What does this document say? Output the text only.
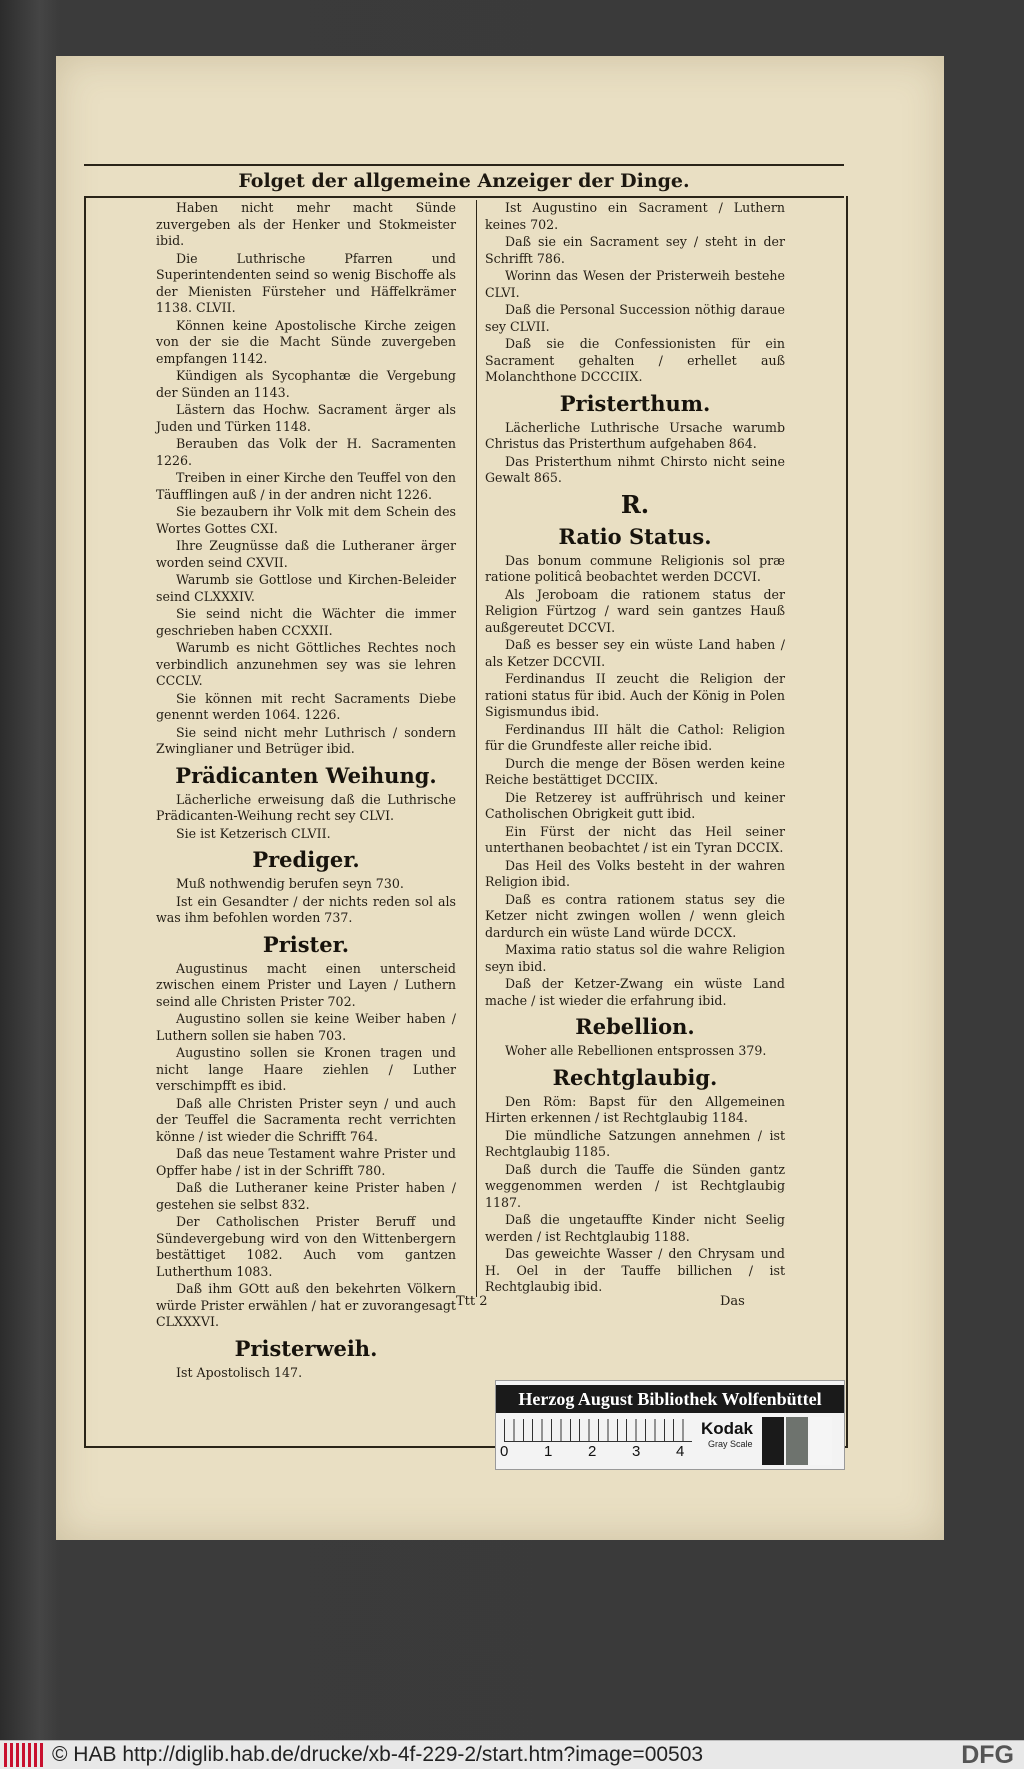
Folget der allgemeine Anzeiger der Dinge.
Haben nicht mehr macht Sünde zuvergeben als der Henker und Stokmeister ibid.
Die Luthrische Pfarren und Superintendenten seind so wenig Bischoffe als der Mienisten Fürsteher und Häffelkrämer 1138. CLVII.
Können keine Apostolische Kirche zeigen von der sie die Macht Sünde zuvergeben empfangen 1142.
Kündigen als Sycophantæ die Vergebung der Sünden an 1143.
Lästern das Hochw. Sacrament ärger als Juden und Türken 1148.
Berauben das Volk der H. Sacramenten 1226.
Treiben in einer Kirche den Teuffel von den Täufflingen auß / in der andren nicht 1226.
Sie bezaubern ihr Volk mit dem Schein des Wortes Gottes CXI.
Ihre Zeugnüsse daß die Lutheraner ärger worden seind CXVII.
Warumb sie Gottlose und Kirchen-Beleider seind CLXXXIV.
Sie seind nicht die Wächter die immer geschrieben haben CCXXII.
Warumb es nicht Göttliches Rechtes noch verbindlich anzunehmen sey was sie lehren CCCLV.
Sie können mit recht Sacraments Diebe genennt werden 1064. 1226.
Sie seind nicht mehr Luthrisch / sondern Zwinglianer und Betrüger ibid.
Prädicanten Weihung.
Lächerliche erweisung daß die Luthrische Prädicanten-Weihung recht sey CLVI.
Sie ist Ketzerisch CLVII.
Prediger.
Muß nothwendig berufen seyn 730.
Ist ein Gesandter / der nichts reden sol als was ihm befohlen worden 737.
Prister.
Augustinus macht einen unterscheid zwischen einem Prister und Layen / Luthern seind alle Christen Prister 702.
Augustino sollen sie keine Weiber haben / Luthern sollen sie haben 703.
Augustino sollen sie Kronen tragen und nicht lange Haare ziehlen / Luther verschimpfft es ibid.
Daß alle Christen Prister seyn / und auch der Teuffel die Sacramenta recht verrichten könne / ist wieder die Schrifft 764.
Daß das neue Testament wahre Prister und Opffer habe / ist in der Schrifft 780.
Daß die Lutheraner keine Prister haben / gestehen sie selbst 832.
Der Catholischen Prister Beruff und Sündevergebung wird von den Wittenbergern bestättiget 1082. Auch vom gantzen Lutherthum 1083.
Daß ihm GOtt auß den bekehrten Völkern würde Prister erwählen / hat er zuvorangesagt CLXXXVI.
Pristerweih.
Ist Apostolisch 147.
Ist Augustino ein Sacrament / Luthern keines 702.
Daß sie ein Sacrament sey / steht in der Schrifft 786.
Worinn das Wesen der Pristerweih bestehe CLVI.
Daß die Personal Succession nöthig daraue sey CLVII.
Daß sie die Confessionisten für ein Sacrament gehalten / erhellet auß Molanchthone DCCCIIX.
Pristerthum.
Lächerliche Luthrische Ursache warumb Christus das Pristerthum aufgehaben 864.
Das Pristerthum nihmt Chirsto nicht seine Gewalt 865.
R.
Ratio Status.
Das bonum commune Religionis sol præ ratione politicâ beobachtet werden DCCVI.
Als Jeroboam die rationem status der Religion Fürtzog / ward sein gantzes Hauß außgereutet DCCVI.
Daß es besser sey ein wüste Land haben / als Ketzer DCCVII.
Ferdinandus II zeucht die Religion der rationi status für ibid. Auch der König in Polen Sigismundus ibid.
Ferdinandus III hält die Cathol: Religion für die Grundfeste aller reiche ibid.
Durch die menge der Bösen werden keine Reiche bestättiget DCCIIX.
Die Retzerey ist auffrührisch und keiner Catholischen Obrigkeit gutt ibid.
Ein Fürst der nicht das Heil seiner unterthanen beobachtet / ist ein Tyran DCCIX.
Das Heil des Volks besteht in der wahren Religion ibid.
Daß es contra rationem status sey die Ketzer nicht zwingen wollen / wenn gleich dardurch ein wüste Land würde DCCX.
Maxima ratio status sol die wahre Religion seyn ibid.
Daß der Ketzer-Zwang ein wüste Land mache / ist wieder die erfahrung ibid.
Rebellion.
Woher alle Rebellionen entsprossen 379.
Rechtglaubig.
Den Röm: Bapst für den Allgemeinen Hirten erkennen / ist Rechtglaubig 1184.
Die mündliche Satzungen annehmen / ist Rechtglaubig 1185.
Daß durch die Tauffe die Sünden gantz weggenommen werden / ist Rechtglaubig 1187.
Daß die ungetauffte Kinder nicht Seelig werden / ist Rechtglaubig 1188.
Das geweichte Wasser / den Chrysam und H. Oel in der Tauffe billichen / ist Rechtglaubig ibid.
Ttt 2	Das
Herzog August Bibliothek Wolfenbüttel
0 1 2 3 4
Kodak
Gray Scale
© HAB http://diglib.hab.de/drucke/xb-4f-229-2/start.htm?image=00503	DFG
